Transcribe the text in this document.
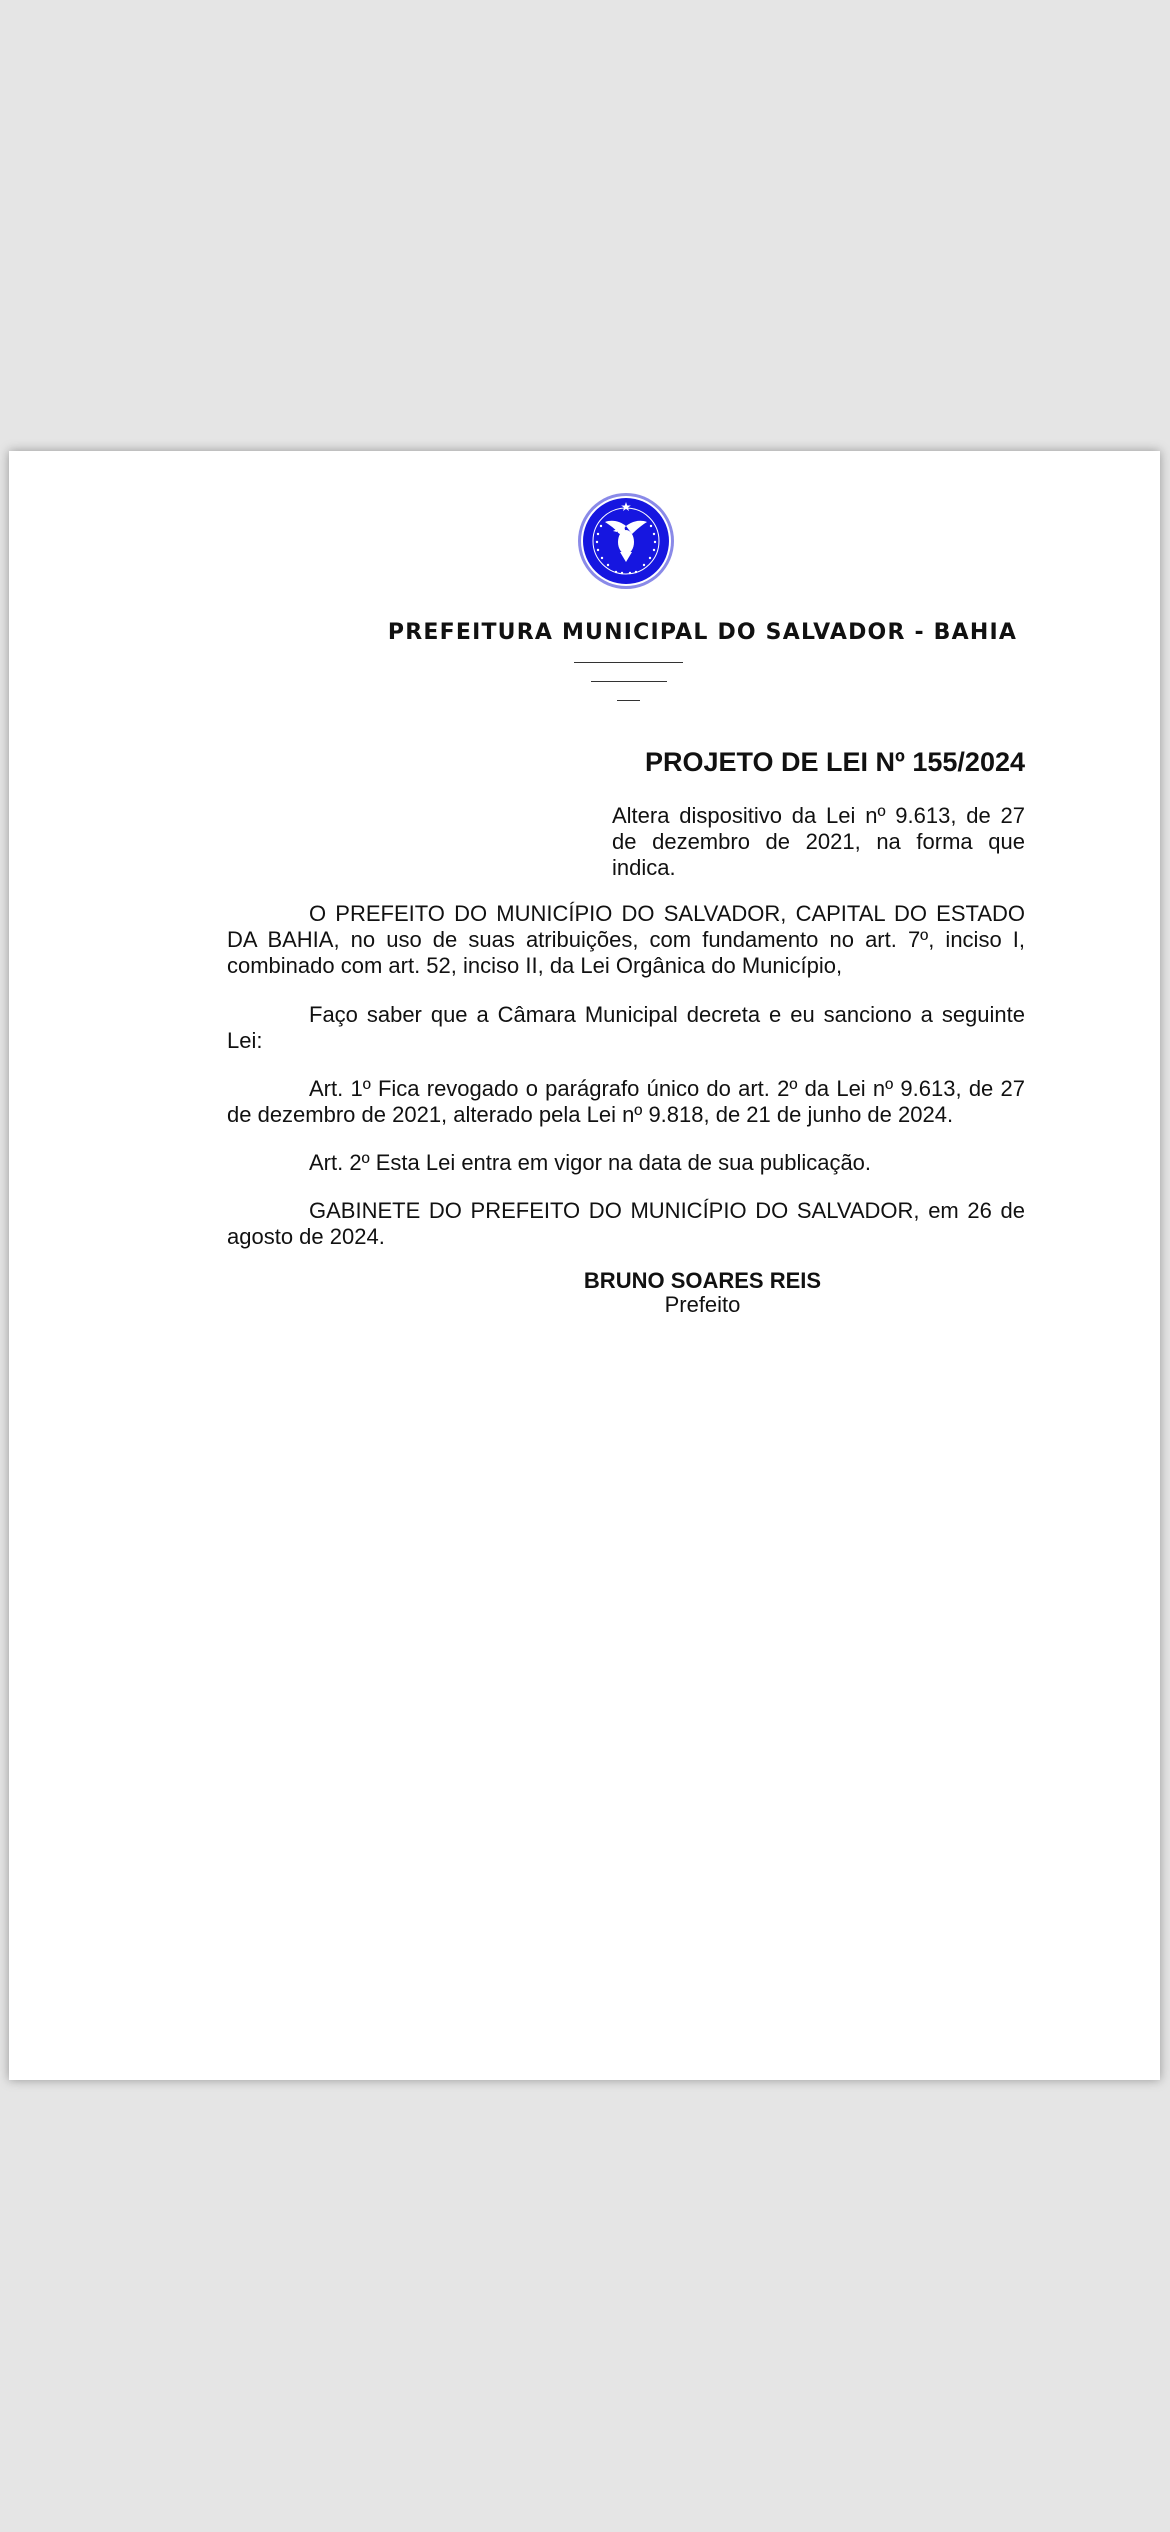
PREFEITURA MUNICIPAL DO SALVADOR - BAHIA
PROJETO DE LEI Nº 155/2024
Altera dispositivo da Lei nº 9.613, de 27 de dezembro de 2021, na forma que indica.

O PREFEITO DO MUNICÍPIO DO SALVADOR, CAPITAL DO ESTADO DA BAHIA, no uso de suas atribuições, com fundamento no art. 7º, inciso I, combinado com art. 52, inciso II, da Lei Orgânica do Município,

Faço saber que a Câmara Municipal decreta e eu sanciono a seguinte Lei:

Art. 1º Fica revogado o parágrafo único do art. 2º da Lei nº 9.613, de 27 de dezembro de 2021, alterado pela Lei nº 9.818, de 21 de junho de 2024.

Art. 2º Esta Lei entra em vigor na data de sua publicação.

GABINETE DO PREFEITO DO MUNICÍPIO DO SALVADOR, em 26 de agosto de 2024.

BRUNO SOARES REIS
Prefeito
